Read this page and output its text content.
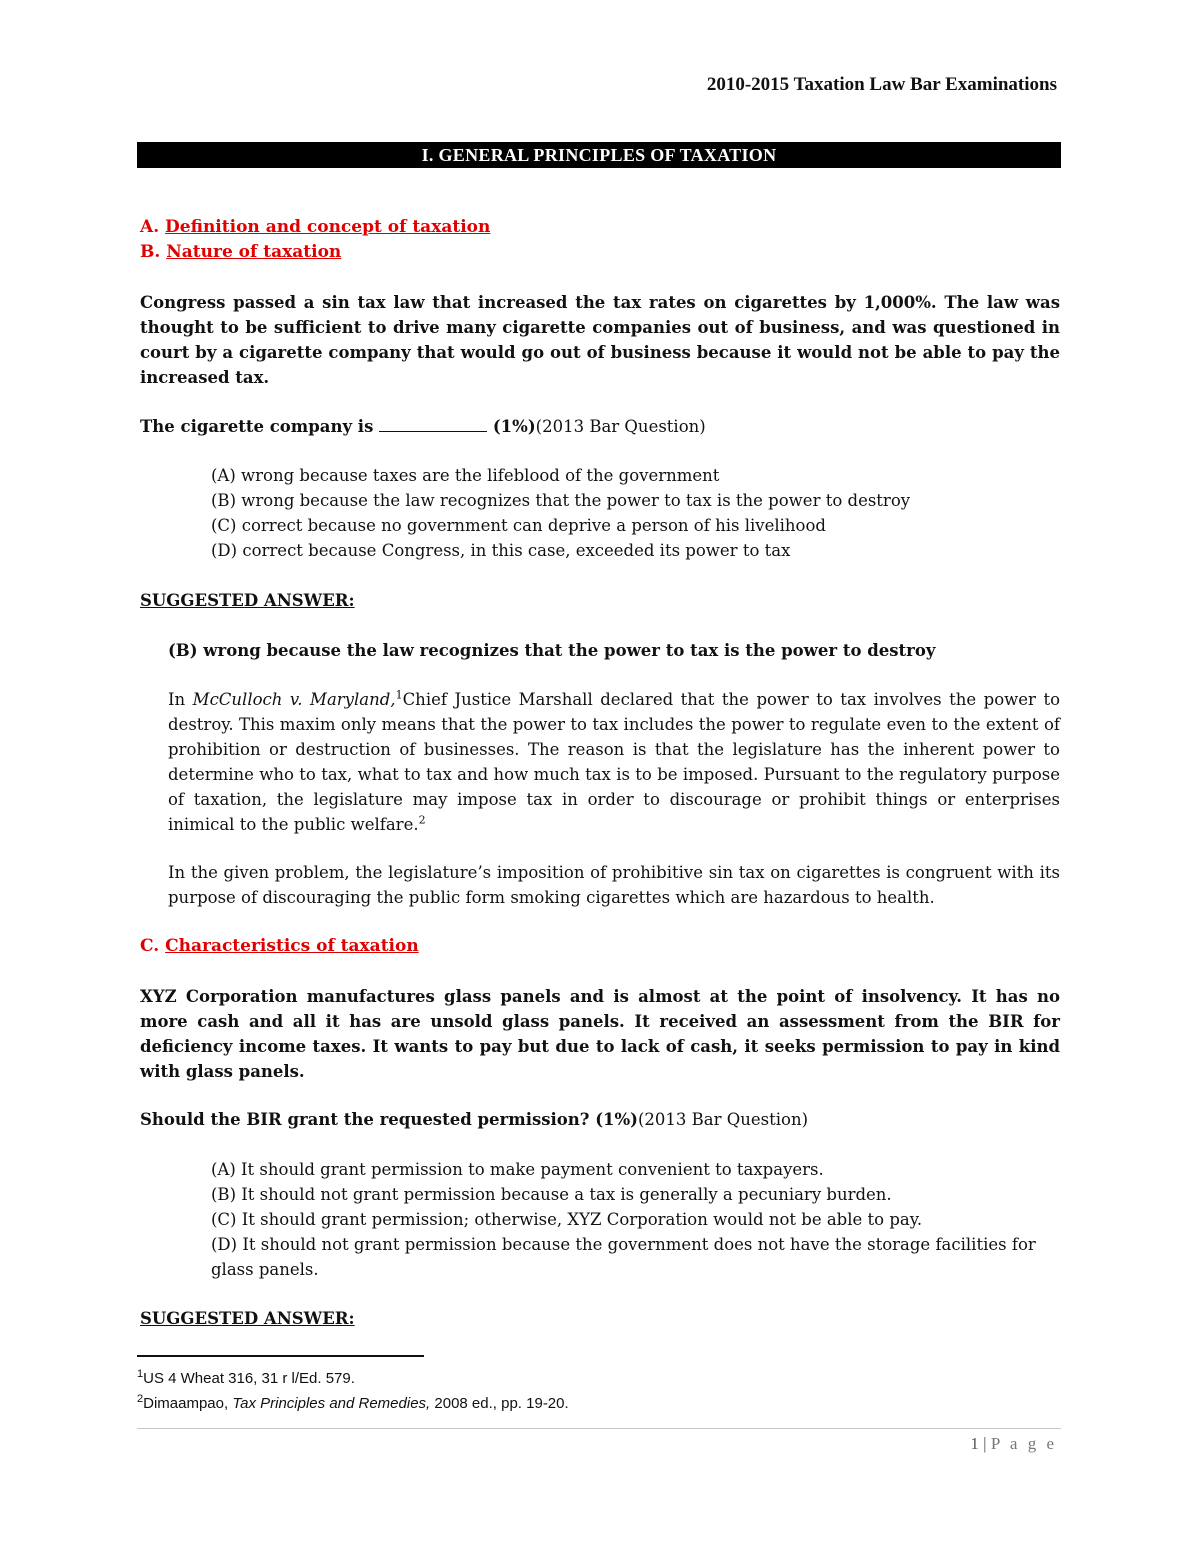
2010-2015 Taxation Law Bar Examinations
I. GENERAL PRINCIPLES OF TAXATION
A. Definition and concept of taxation
B. Nature of taxation
Congress passed a sin tax law that increased the tax rates on cigarettes by 1,000%. The law was thought to be sufficient to drive many cigarette companies out of business, and was questioned in court by a cigarette company that would go out of business because it would not be able to pay the increased tax.
The cigarette company is	(1%)(2013 Bar Question)
(A) wrong because taxes are the lifeblood of the government
(B) wrong because the law recognizes that the power to tax is the power to destroy
(C) correct because no government can deprive a person of his livelihood
(D) correct because Congress, in this case, exceeded its power to tax
SUGGESTED ANSWER:
(B) wrong because the law recognizes that the power to tax is the power to destroy
In McCulloch v. Maryland,$^1$Chief Justice Marshall declared that the power to tax involves the power to destroy. This maxim only means that the power to tax includes the power to regulate even to the extent of prohibition or destruction of businesses. The reason is that the legislature has the inherent power to determine who to tax, what to tax and how much tax is to be imposed. Pursuant to the regulatory purpose of taxation, the legislature may impose tax in order to discourage or prohibit things or enterprises inimical to the public welfare.$^2$
In the given problem, the legislature’s imposition of prohibitive sin tax on cigarettes is congruent with its purpose of discouraging the public form smoking cigarettes which are hazardous to health.
C. Characteristics of taxation
XYZ Corporation manufactures glass panels and is almost at the point of insolvency. It has no more cash and all it has are unsold glass panels. It received an assessment from the BIR for deficiency income taxes. It wants to pay but due to lack of cash, it seeks permission to pay in kind with glass panels.
Should the BIR grant the requested permission? (1%)(2013 Bar Question)
(A) It should grant permission to make payment convenient to taxpayers.
(B) It should not grant permission because a tax is generally a pecuniary burden.
(C) It should grant permission; otherwise, XYZ Corporation would not be able to pay.
(D) It should not grant permission because the government does not have the storage facilities for glass panels.
SUGGESTED ANSWER:
$^1$US 4 Wheat 316, 31 r l/Ed. 579.
$^2$Dimaampao, Tax Principles and Remedies, 2008 ed., pp. 19-20.
1 | P a g e
